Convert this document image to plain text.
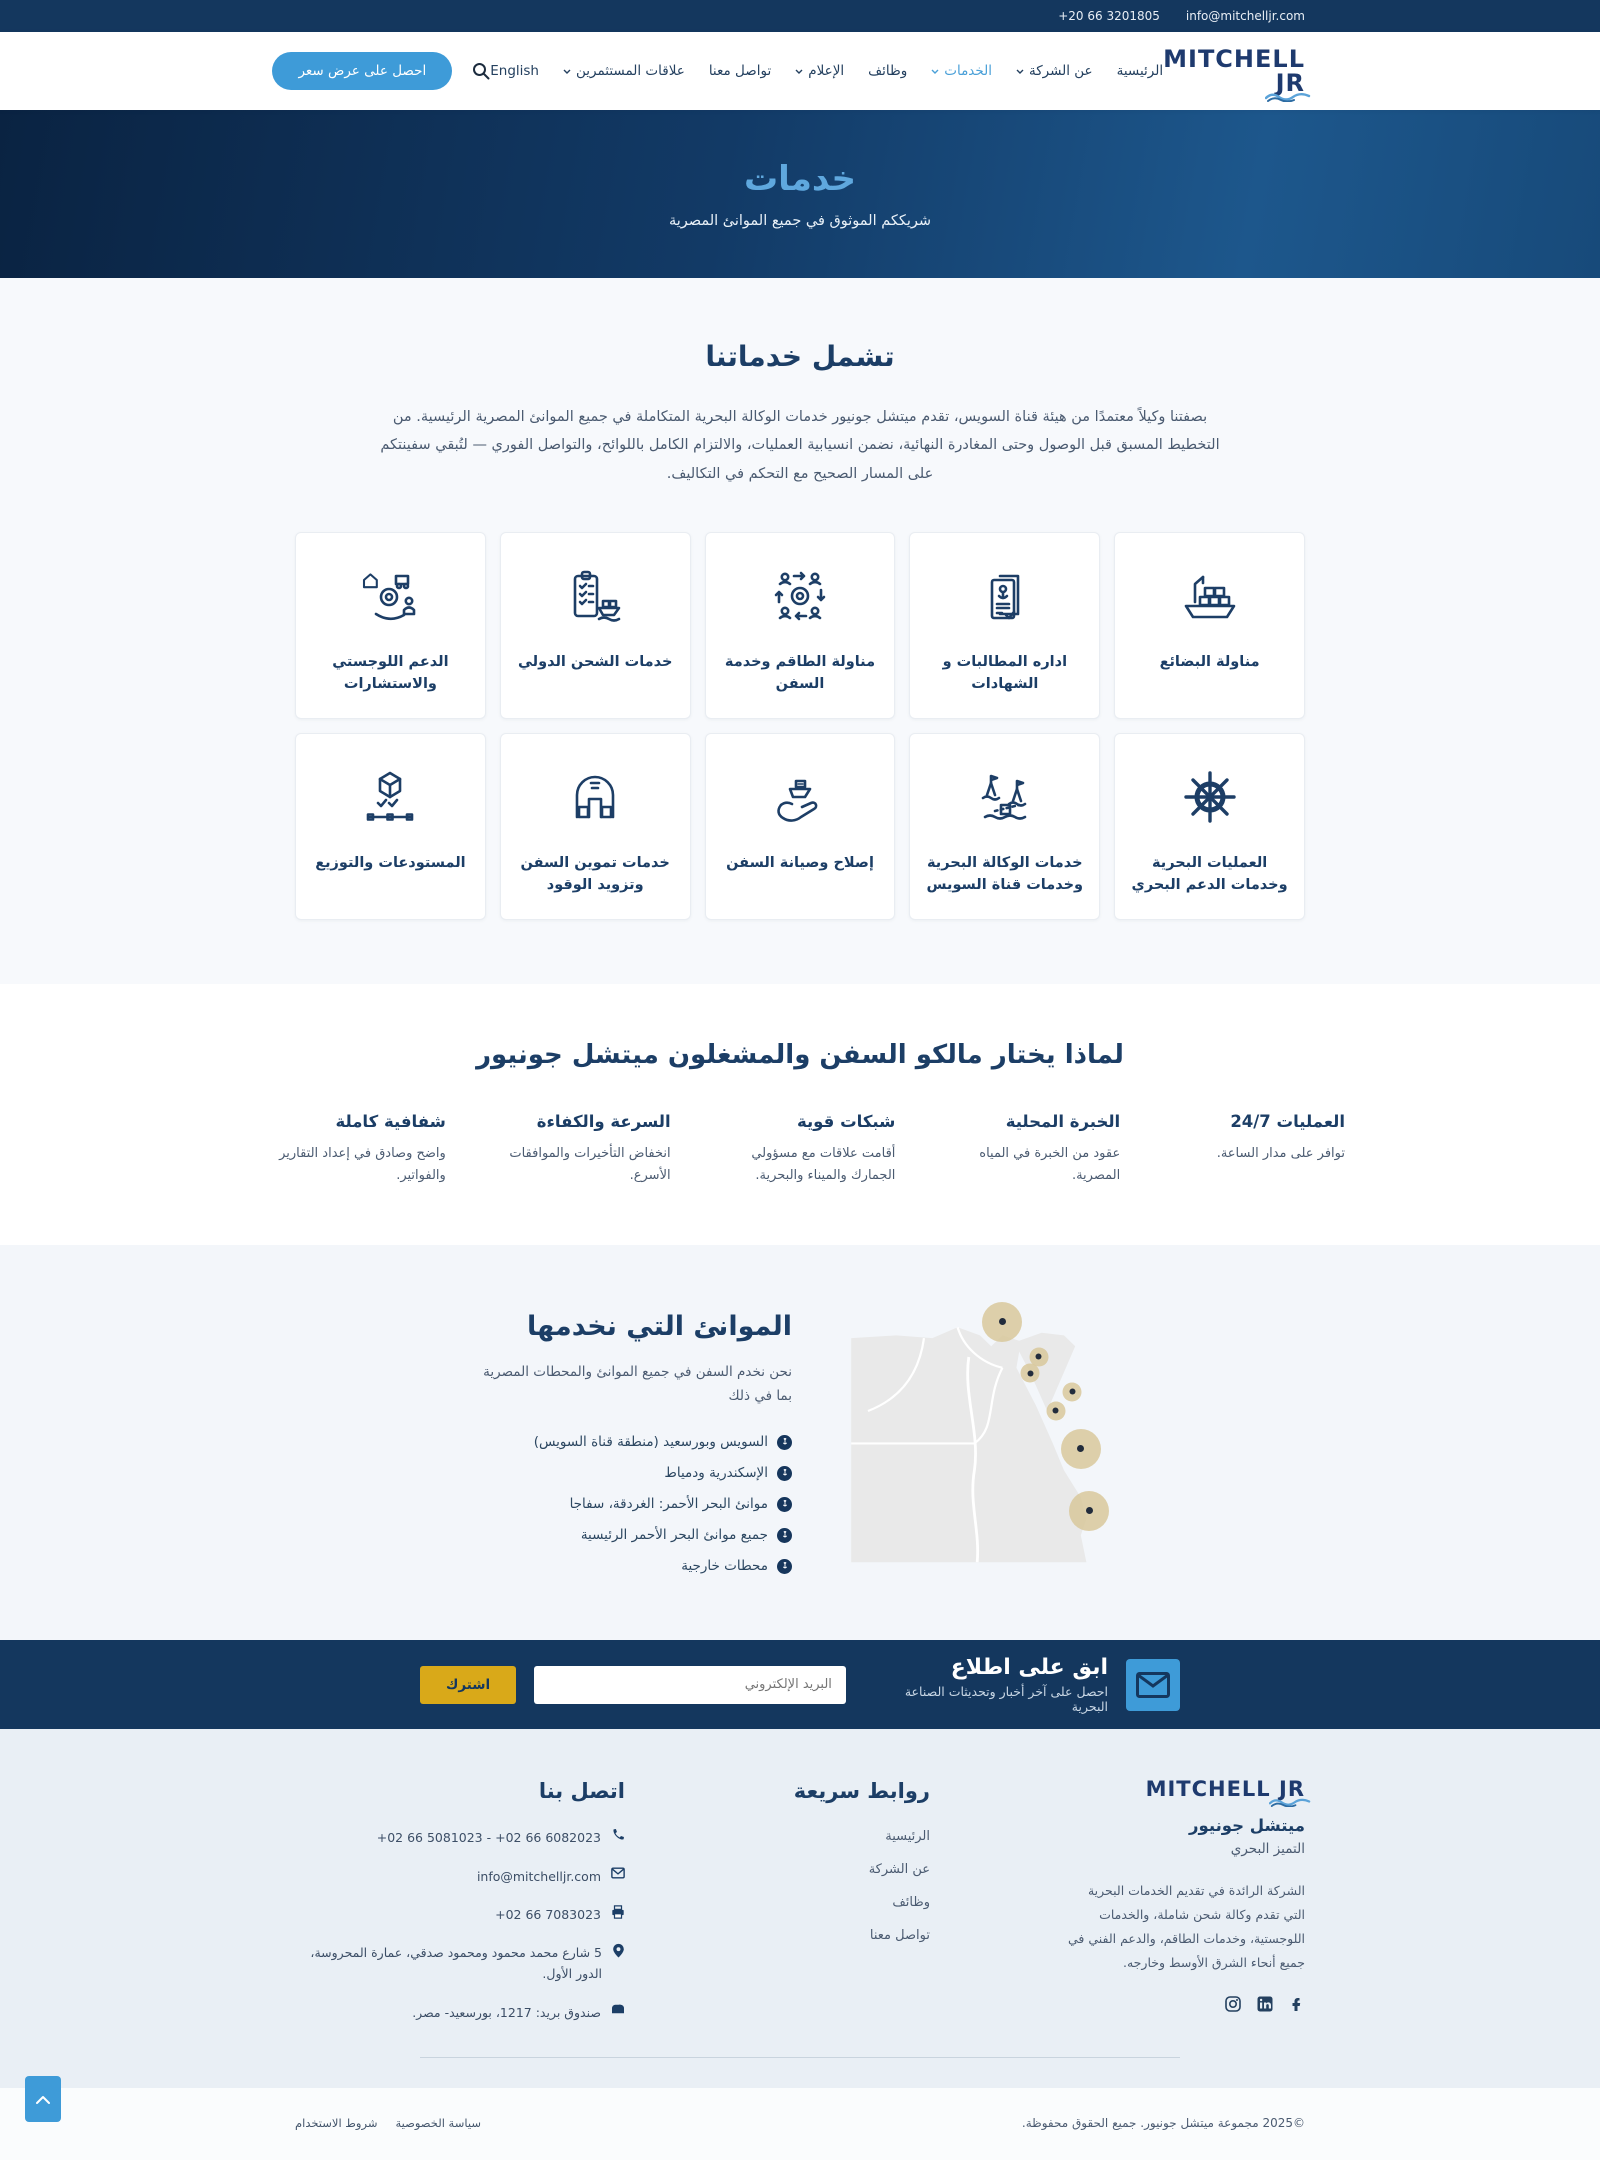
info@mitchelljr.com
+20 66 3201805
MITCHELL JR
الرئيسية
عن الشركة
الخدمات
وظائف
الإعلام
تواصل معنا
علاقات المستثمرين
English
احصل على عرض سعر
خدمات

شريككم الموثوق في جميع الموانئ المصرية

تشمل خدماتنا

بصفتنا وكيلاً معتمدًا من هيئة قناة السويس، تقدم ميتشل جونيور خدمات الوكالة البحرية المتكاملة في جميع الموانئ المصرية الرئيسية. من التخطيط المسبق قبل الوصول وحتى المغادرة النهائية، نضمن انسيابية العمليات، والالتزام الكامل باللوائح، والتواصل الفوري — لتُبقي سفينتكم على المسار الصحيح مع التحكم في التكاليف.

مناولة البضائع
اداره المطالبات و الشهادات
مناولة الطاقم وخدمة السفن
خدمات الشحن الدولي
الدعم اللوجستي والاستشارات
العمليات البحرية وخدمات الدعم البحري
خدمات الوكالة البحرية وخدمات قناة السويس
إصلاح وصيانة السفن
خدمات تموين السفن وتزويد الوقود
المستودعات والتوزيع
لماذا يختار مالكو السفن والمشغلون ميتشل جونيور
العمليات 24/7

توافر على مدار الساعة.

الخبرة المحلية

عقود من الخبرة في المياه المصرية.

شبكات قوية

أقامت علاقات مع مسؤولي الجمارك والميناء والبحرية.

السرعة والكفاءة

انخفاض التأخيرات والموافقات الأسرع.

شفافية كاملة

واضح وصادق في إعداد التقارير والفواتير.

الموانئ التي نخدمها

نحن نخدم السفن في جميع الموانئ والمحطات المصرية بما في ذلك

السويس وبورسعيد (منطقة قناة السويس)
الإسكندرية ودمياط
موانئ البحر الأحمر: الغردقة، سفاجا
جميع موانئ البحر الأحمر الرئيسية
محطات خارجية
ابق على اطلاع

احصل على آخر أخبار وتحديثات الصناعة البحرية

البريد الإلكتروني
اشترك
MITCHELL JR
ميتشل جونيور
التميز البحري

الشركة الرائدة في تقديم الخدمات البحرية التي تقدم وكالة شحن شاملة، والخدمات اللوجستية، وخدمات الطاقم، والدعم الفني في جميع أنحاء الشرق الأوسط وخارجه.

روابط سريعة
الرئيسية
عن الشركة
وظائف
تواصل معنا
اتصل بنا
+02 66 5081023 - +02 66 6082023
info@mitchelljr.com
+02 66 7083023
5 شارع محمد محمود ومحمود صدقي، عمارة المحروسة، الدور الأول.
صندوق بريد: 1217، بورسعيد- مصر.
©2025 مجموعة ميتشل جونيور. جميع الحقوق محفوظة.
سياسة الخصوصية
شروط الاستخدام
